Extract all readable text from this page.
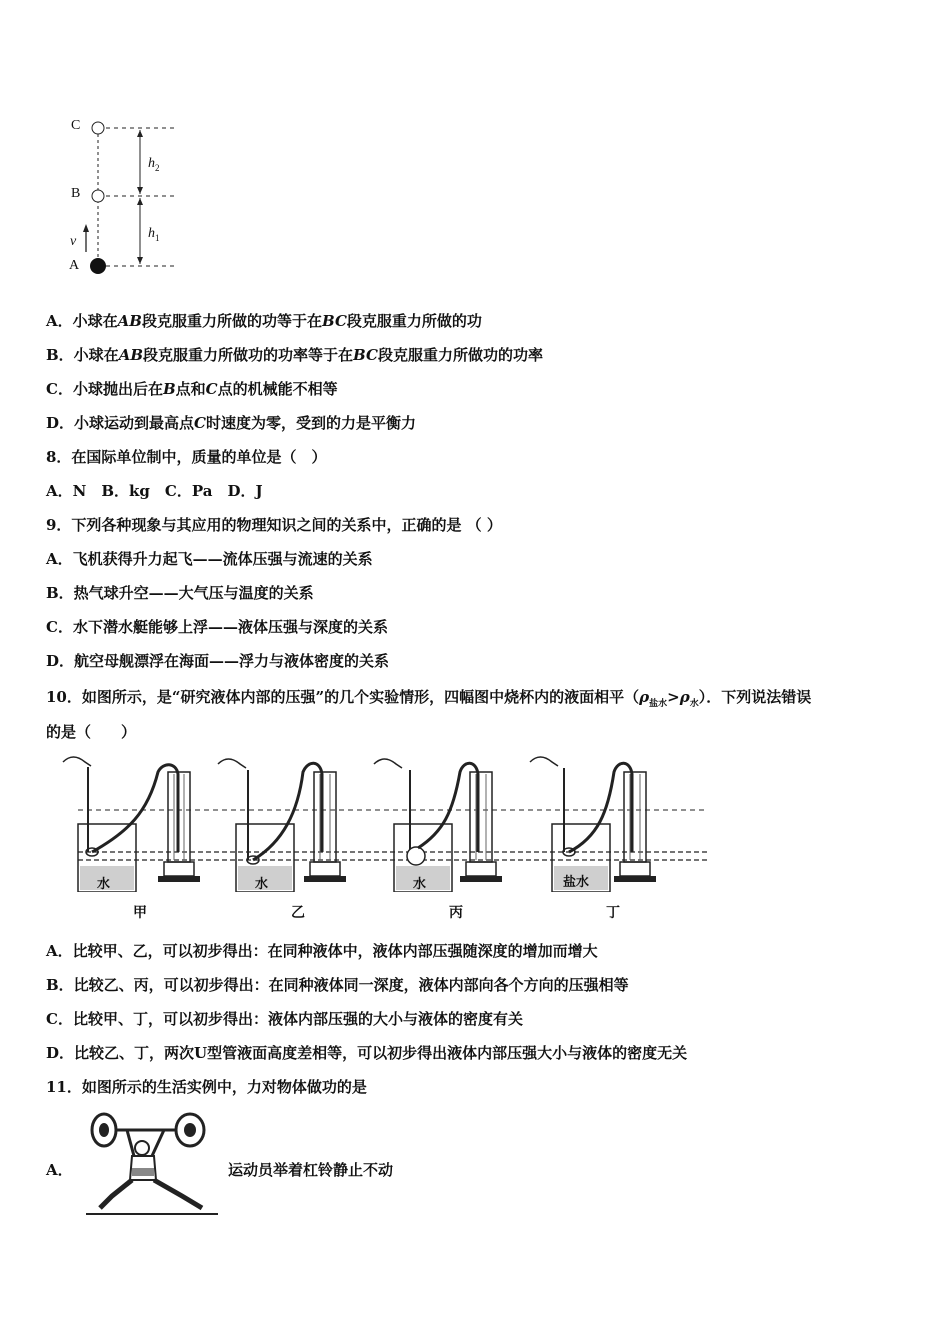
C
B
A
v
$h_2$
$h_1$
A．小球在AB段克服重力所做的功等于在BC段克服重力所做的功
B．小球在AB段克服重力所做功的功率等于在BC段克服重力所做功的功率
C．小球抛出后在B点和C点的机械能不相等
D．小球运动到最高点C时速度为零，受到的力是平衡力
8．在国际单位制中，质量的单位是（　）
A．N　B．kg　C．Pa　D．J
9．下列各种现象与其应用的物理知识之间的关系中，正确的是 （ ）
A．飞机获得升力起飞——流体压强与流速的关系
B．热气球升空——大气压与温度的关系
C．水下潜水艇能够上浮——液体压强与深度的关系
D．航空母舰漂浮在海面——浮力与液体密度的关系
10．如图所示，是“研究液体内部的压强”的几个实验情形，四幅图中烧杯内的液面相平$(\rho_{盐水}>\rho_水)$．下列说法错误
的是（　　）
水	水	水	盐水
甲	乙	丙	丁
A．比较甲、乙，可以初步得出：在同种液体中，液体内部压强随深度的增加而增大
B．比较乙、丙，可以初步得出：在同种液体同一深度，液体内部向各个方向的压强相等
C．比较甲、丁，可以初步得出：液体内部压强的大小与液体的密度有关
D．比较乙、丁，两次U型管液面高度差相等，可以初步得出液体内部压强大小与液体的密度无关
11．如图所示的生活实例中，力对物体做功的是
A．	运动员举着杠铃静止不动
